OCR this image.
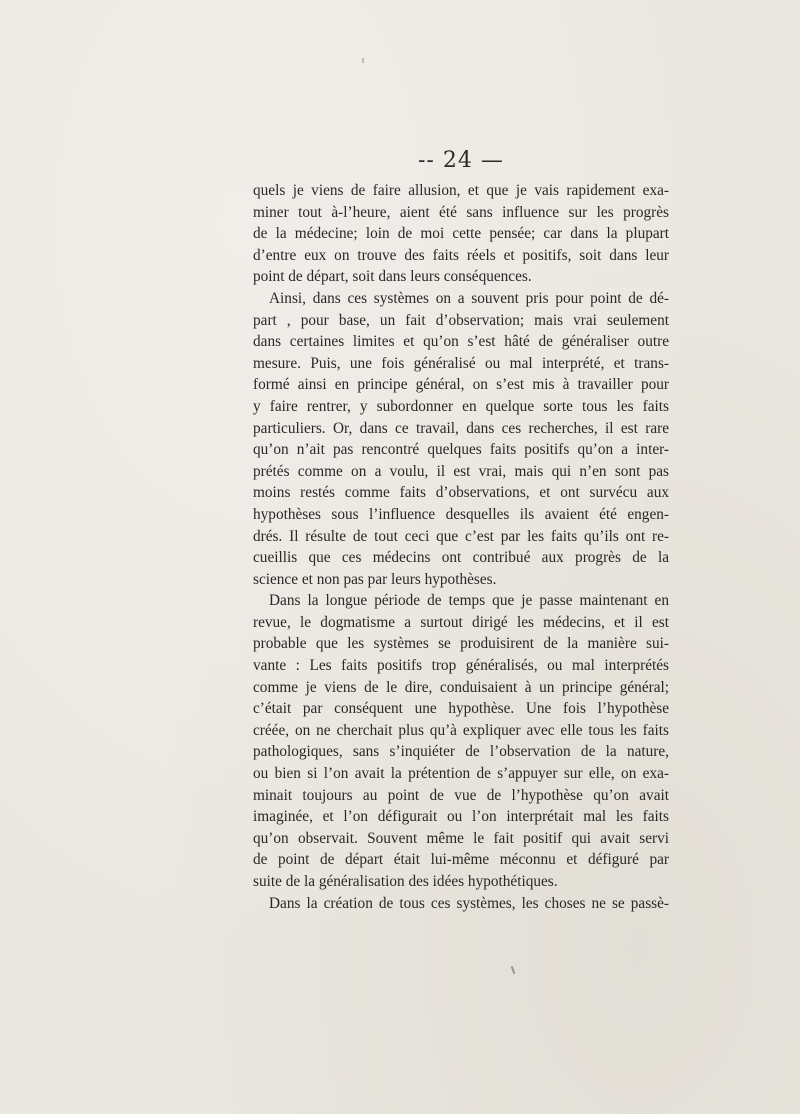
-- 24 —
quels je viens de faire allusion, et que je vais rapidement exa-
miner tout à-l’heure, aient été sans influence sur les progrès
de la médecine; loin de moi cette pensée; car dans la plupart
d’entre eux on trouve des faits réels et positifs, soit dans leur
point de départ, soit dans leurs conséquences.
Ainsi, dans ces systèmes on a souvent pris pour point de dé-
part , pour base, un fait d’observation; mais vrai seulement
dans certaines limites et qu’on s’est hâté de généraliser outre
mesure. Puis, une fois généralisé ou mal interprété, et trans-
formé ainsi en principe général, on s’est mis à travailler pour
y faire rentrer, y subordonner en quelque sorte tous les faits
particuliers. Or, dans ce travail, dans ces recherches, il est rare
qu’on n’ait pas rencontré quelques faits positifs qu’on a inter-
prétés comme on a voulu, il est vrai, mais qui n’en sont pas
moins restés comme faits d’observations, et ont survécu aux
hypothèses sous l’influence desquelles ils avaient été engen-
drés. Il résulte de tout ceci que c’est par les faits qu’ils ont re-
cueillis que ces médecins ont contribué aux progrès de la
science et non pas par leurs hypothèses.
Dans la longue période de temps que je passe maintenant en
revue, le dogmatisme a surtout dirigé les médecins, et il est
probable que les systèmes se produisirent de la manière sui-
vante : Les faits positifs trop généralisés, ou mal interprétés
comme je viens de le dire, conduisaient à un principe général;
c’était par conséquent une hypothèse. Une fois l’hypothèse
créée, on ne cherchait plus qu’à expliquer avec elle tous les faits
pathologiques, sans s’inquiéter de l’observation de la nature,
ou bien si l’on avait la prétention de s’appuyer sur elle, on exa-
minait toujours au point de vue de l’hypothèse qu’on avait
imaginée, et l’on défigurait ou l’on interprétait mal les faits
qu’on observait. Souvent même le fait positif qui avait servi
de point de départ était lui-même méconnu et défiguré par
suite de la généralisation des idées hypothétiques.
Dans la création de tous ces systèmes, les choses ne se passè-
